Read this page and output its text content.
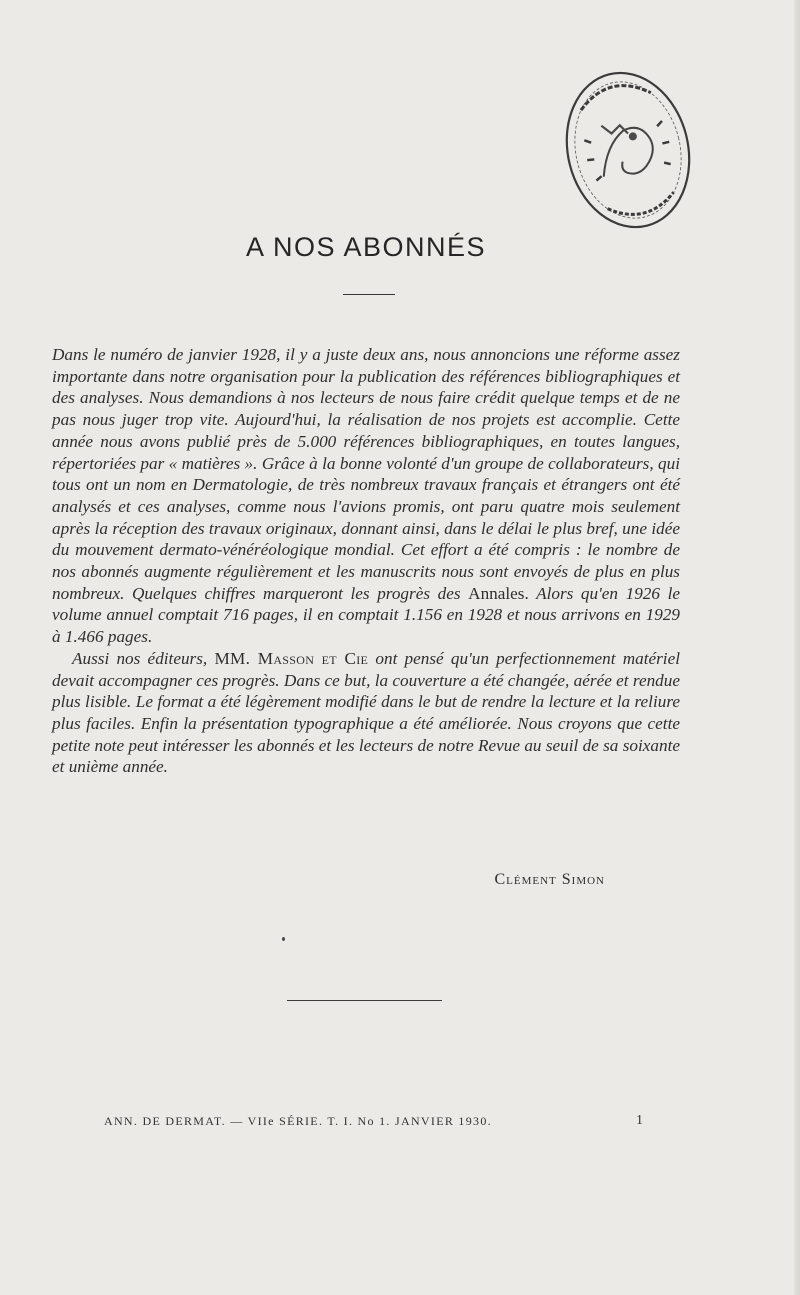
A NOS ABONNÉS

Dans le numéro de janvier 1928, il y a juste deux ans, nous annoncions une réforme assez importante dans notre organisation pour la publication des références bibliographiques et des analyses. Nous demandions à nos lecteurs de nous faire crédit quelque temps et de ne pas nous juger trop vite. Aujourd'hui, la réalisation de nos projets est accomplie. Cette année nous avons publié près de 5.000 références bibliographiques, en toutes langues, répertoriées par « matières ». Grâce à la bonne volonté d'un groupe de collaborateurs, qui tous ont un nom en Dermatologie, de très nombreux travaux français et étrangers ont été analysés et ces analyses, comme nous l'avions promis, ont paru quatre mois seulement après la réception des travaux originaux, donnant ainsi, dans le délai le plus bref, une idée du mouvement dermato-vénéréologique mondial. Cet effort a été compris : le nombre de nos abonnés augmente régulièrement et les manuscrits nous sont envoyés de plus en plus nombreux. Quelques chiffres marqueront les progrès des Annales. Alors qu'en 1926 le volume annuel comptait 716 pages, il en comptait 1.156 en 1928 et nous arrivons en 1929 à 1.466 pages.

Aussi nos éditeurs, MM. Masson et Cie ont pensé qu'un perfectionnement matériel devait accompagner ces progrès. Dans ce but, la couverture a été changée, aérée et rendue plus lisible. Le format a été légèrement modifié dans le but de rendre la lecture et la reliure plus faciles. Enfin la présentation typographique a été améliorée. Nous croyons que cette petite note peut intéresser les abonnés et les lecteurs de notre Revue au seuil de sa soixante et unième année.

Clément Simon
ANN. DE DERMAT. — VIIe SÉRIE. T. I. No 1. JANVIER 1930.	1
